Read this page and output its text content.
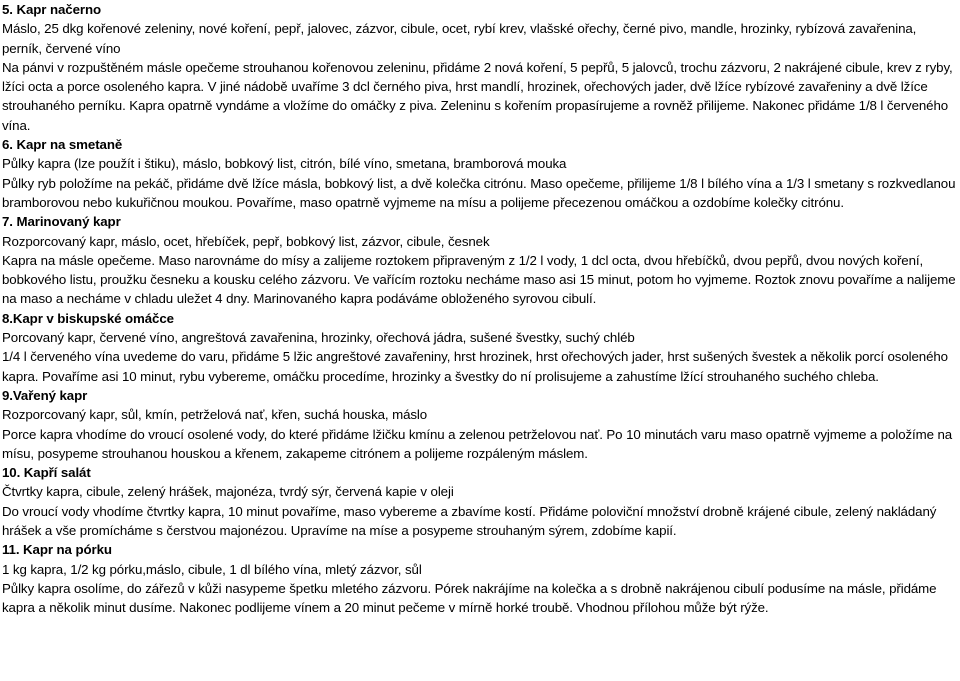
5. Kapr načerno

Máslo, 25 dkg kořenové zeleniny, nové koření, pepř, jalovec, zázvor, cibule, ocet, rybí krev, vlašské ořechy, černé pivo, mandle, hrozinky, rybízová zavařenina, perník, červené víno

Na pánvi v rozpuštěném másle opečeme strouhanou kořenovou zeleninu, přidáme 2 nová koření, 5 pepřů, 5 jalovců, trochu zázvoru, 2 nakrájené cibule, krev z ryby, lžíci octa a porce osoleného kapra. V jiné nádobě uvaříme 3 dcl černého piva, hrst mandlí, hrozinek, ořechových jader, dvě lžíce rybízové zavařeniny a dvě lžíce strouhaného perníku. Kapra opatrně vyndáme a vložíme do omáčky z piva. Zeleninu s kořením propasírujeme a rovněž přilijeme. Nakonec přidáme 1/8 l červeného vína.

6. Kapr na smetaně

Půlky kapra (lze použít i štiku), máslo, bobkový list, citrón, bílé víno, smetana, bramborová mouka

Půlky ryb položíme na pekáč, přidáme dvě lžíce másla, bobkový list, a dvě kolečka citrónu. Maso opečeme, přilijeme 1/8 l bílého vína a 1/3 l smetany s rozkvedlanou bramborovou nebo kukuřičnou moukou. Povaříme, maso opatrně vyjmeme na mísu a polijeme přecezenou omáčkou a ozdobíme kolečky citrónu.

7. Marinovaný kapr

Rozporcovaný kapr, máslo, ocet, hřebíček, pepř, bobkový list, zázvor, cibule, česnek

Kapra na másle opečeme. Maso narovnáme do mísy a zalijeme roztokem připraveným z 1/2 l vody, 1 dcl octa, dvou hřebíčků, dvou pepřů, dvou nových koření, bobkového listu, proužku česneku a kousku celého zázvoru. Ve vařícím roztoku necháme maso asi 15 minut, potom ho vyjmeme. Roztok znovu povaříme a nalijeme na maso a necháme v chladu uležet 4 dny. Marinovaného kapra podáváme obloženého syrovou cibulí.

8.Kapr v biskupské omáčce

Porcovaný kapr, červené víno, angreštová zavařenina, hrozinky, ořechová jádra, sušené švestky, suchý chléb

1/4 l červeného vína uvedeme do varu, přidáme 5 lžic angreštové zavařeniny, hrst hrozinek, hrst ořechových jader, hrst sušených švestek a několik porcí osoleného kapra. Povaříme asi 10 minut, rybu vybereme, omáčku procedíme, hrozinky a švestky do ní prolisujeme a zahustíme lžící strouhaného suchého chleba.

9.Vařený kapr

Rozporcovaný kapr, sůl, kmín, petrželová nať, křen, suchá houska, máslo

Porce kapra vhodíme do vroucí osolené vody, do které přidáme lžičku kmínu a zelenou petrželovou nať. Po 10 minutách varu maso opatrně vyjmeme a položíme na mísu, posypeme strouhanou houskou a křenem, zakapeme citrónem a polijeme rozpáleným máslem.

10. Kapří salát

Čtvrtky kapra, cibule, zelený hrášek, majonéza, tvrdý sýr, červená kapie v oleji

Do vroucí vody vhodíme čtvrtky kapra, 10 minut povaříme, maso vybereme a zbavíme kostí. Přidáme poloviční množství drobně krájené cibule, zelený nakládaný hrášek a vše promícháme s čerstvou majonézou. Upravíme na míse a posypeme strouhaným sýrem, zdobíme kapií.

11. Kapr na pórku

1 kg kapra, 1/2 kg pórku,máslo, cibule, 1 dl bílého vína, mletý zázvor, sůl

Půlky kapra osolíme, do zářezů v kůži nasypeme špetku mletého zázvoru. Pórek nakrájíme na kolečka a s drobně nakrájenou cibulí podusíme na másle, přidáme kapra a několik minut dusíme. Nakonec podlijeme vínem a 20 minut pečeme v mírně horké troubě. Vhodnou přílohou může být rýže.
